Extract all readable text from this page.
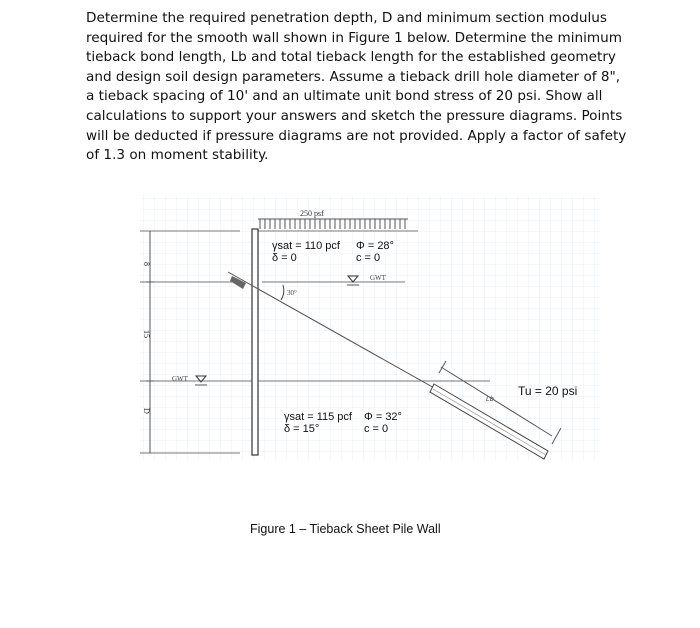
Determine the required penetration depth, D and minimum section modulus
required for the smooth wall shown in Figure 1 below. Determine the minimum
tieback bond length, Lb and total tieback length for the established geometry
and design soil design parameters. Assume a tieback drill hole diameter of 8",
a tieback spacing of 10' and an ultimate unit bond stress of 20 psi. Show all
calculations to support your answers and sketch the pressure diagrams. Points
will be deducted if pressure diagrams are not provided. Apply a factor of safety
of 1.3 on moment stability.
8
15
D
250 psf
γsat = 110 pcf Φ = 28°
δ = 0	c = 0
GWT
30°
Lb
Tu = 20 psi
GWT
γsat = 115 pcf Φ = 32°
δ = 15°	c = 0
Figure 1 – Tieback Sheet Pile Wall
